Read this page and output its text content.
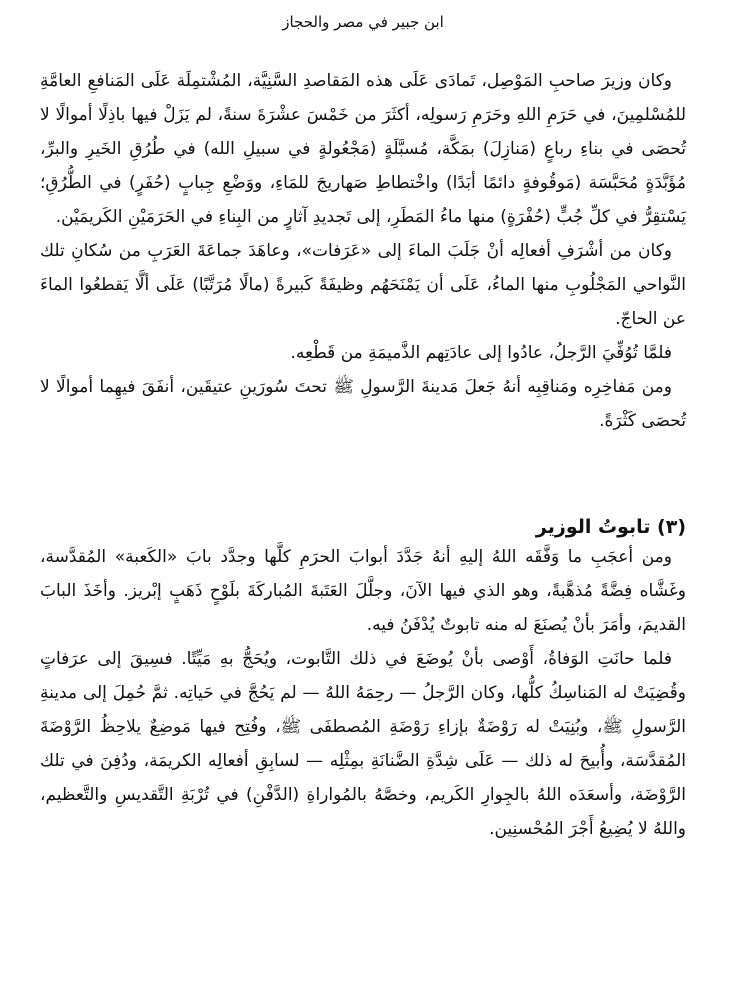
ابن جبير في مصر والحجاز

وكان وزيرَ صاحبِ المَوْصِل، تَمادَى عَلَى هذه المَقاصدِ السَّنِيَّة، المُشْتمِلَة عَلَى المَنافعِ العامَّةِ للمُسْلمِينَ، في حَرَمِ اللهِ وحَرَمِ رَسولِه، أكثَرَ من خَمْسَ عشْرَةَ سنةً، لم يَزَلْ فيها باذِلًا أموالًا لا تُحصَى في بناءِ رباعٍ (مَنازِلَ) بمَكَّة، مُسبَّلَةٍ (مَجْعُولةٍ في سبيلِ الله) في طُرُقِ الخَيرِ والبرِّ، مُؤَبَّدَةٍ مُحَبَّسَة (مَوقُوفةٍ دائمًا أبَدًا) واخْتطاطِ صَهاريجَ للمَاءِ، ووَضْعِ جِبابٍ (حُفَرٍ) في الطُّرُقِ؛ يَسْتقِرُّ في كلِّ جُبٍّ (حُفْرَةٍ) منها ماءُ المَطَرِ، إلى تَجديدِ آثارٍ من البِناءِ في الحَرَمَيْنِ الكَريمَيْن.

وكان من أشْرَفِ أفعالِه أنْ جَلَبَ الماءَ إلى «عَرَفات»، وعاهَدَ جماعَةَ العَرَبِ من سُكانِ تلك النَّواحي المَجْلُوبِ منها الماءُ، عَلَى أن يَمْنَحَهُم وظيفَةً كَبيرةً (مالًا مُرَتَّبًا) عَلَى ألَّا يَقطعُوا الماءَ عن الحاجّ.

فلمَّا تُوُفِّيَ الرَّجلُ، عادُوا إلى عادَتِهم الذَّميمَةِ من قَطْعِه.

ومن مَفاخِرِه ومَناقِبِه أنهُ جَعلَ مَدينةَ الرَّسولِ ﷺ تحتَ سُورَينِ عتيقَين، أنفَقَ فيهِما أموالًا لا تُحصَى كَثْرَةً.

(٣) تابوتُ الوزير

ومن أعجَبِ ما وَفَّقَه اللهُ إليهِ أنهُ جَدَّدَ أبوابَ الحرَمِ كلَّها وجدَّد بابَ «الكَعبة» المُقدَّسة، وغَشَّاه فِضَّةً مُذهَّبةً، وهو الذي فيها الآنَ، وجلَّلَ العَتَبةَ المُباركَةَ بلَوْحٍ ذَهَبٍ إبْريز. وأخَذَ البابَ القديمَ، وأمَرَ بأنْ يُصنَعَ له منه تابوتٌ يُدْفَنُ فيه.

فلما حانَتِ الوَفاةُ، أَوْصى بأنْ يُوضَعَ في ذلك التَّابوت، ويُحَجُّ بهِ مَيِّتًا. فسِيقَ إلى عرَفاتٍ وقُضِيَتْ له المَناسِكُ كلُّها، وكان الرَّجلُ — رحِمَهُ اللهُ — لم يَحُجَّ في حَياتِه. ثمَّ حُمِلَ إلى مدينةِ الرَّسولِ ﷺ، وبُنِيَتْ له رَوْضَةٌ بإزاءِ رَوْضَةِ المُصطفَى ﷺ، وفُتِح فيها مَوضِعٌ يلاحِظُ الرَّوْضَةَ المُقدَّسَة، وأُبيحَ له ذلك — عَلَى شِدَّةِ الضَّنانَةِ بمِثْلِه — لسابِقِ أفعالِه الكريمَة، ودُفِنَ في تلك الرَّوْضَة، وأسعَدَه اللهُ بالجِوارِ الكَريم، وخصَّهُ بالمُواراةِ (الدَّفْنِ) في تُرْبَةِ التَّقديسِ والتَّعظيم، واللهُ لا يُضِيعُ أَجْرَ المُحْسنِين.
